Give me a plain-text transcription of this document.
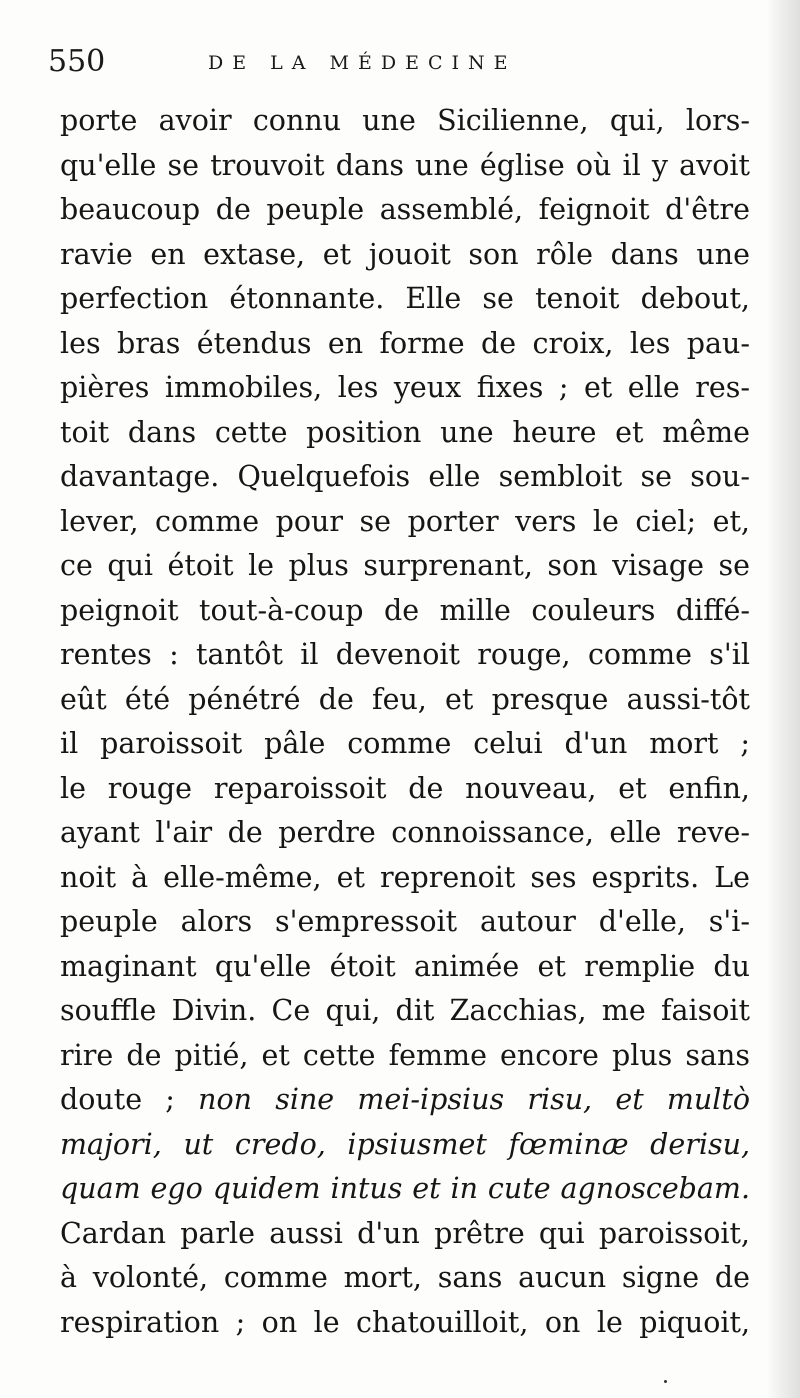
550	DE LA MÉDECINE
porte avoir connu une Sicilienne, qui, lors-
qu'elle se trouvoit dans une église où il y avoit
beaucoup de peuple assemblé, feignoit d'être
ravie en extase, et jouoit son rôle dans une
perfection étonnante. Elle se tenoit debout,
les bras étendus en forme de croix, les pau-
pières immobiles, les yeux fixes ; et elle res-
toit dans cette position une heure et même
davantage. Quelquefois elle sembloit se sou-
lever, comme pour se porter vers le ciel; et,
ce qui étoit le plus surprenant, son visage se
peignoit tout-à-coup de mille couleurs diffé-
rentes : tantôt il devenoit rouge, comme s'il
eût été pénétré de feu, et presque aussi-tôt
il paroissoit pâle comme celui d'un mort ;
le rouge reparoissoit de nouveau, et enfin,
ayant l'air de perdre connoissance, elle reve-
noit à elle-même, et reprenoit ses esprits. Le
peuple alors s'empressoit autour d'elle, s'i-
maginant qu'elle étoit animée et remplie du
souffle Divin. Ce qui, dit Zacchias, me faisoit
rire de pitié, et cette femme encore plus sans
doute ; non sine mei-ipsius risu, et multò
majori, ut credo, ipsiusmet fœminæ derisu,
quam ego quidem intus et in cute agnoscebam.
Cardan parle aussi d'un prêtre qui paroissoit,
à volonté, comme mort, sans aucun signe de
respiration ; on le chatouilloit, on le piquoit,
